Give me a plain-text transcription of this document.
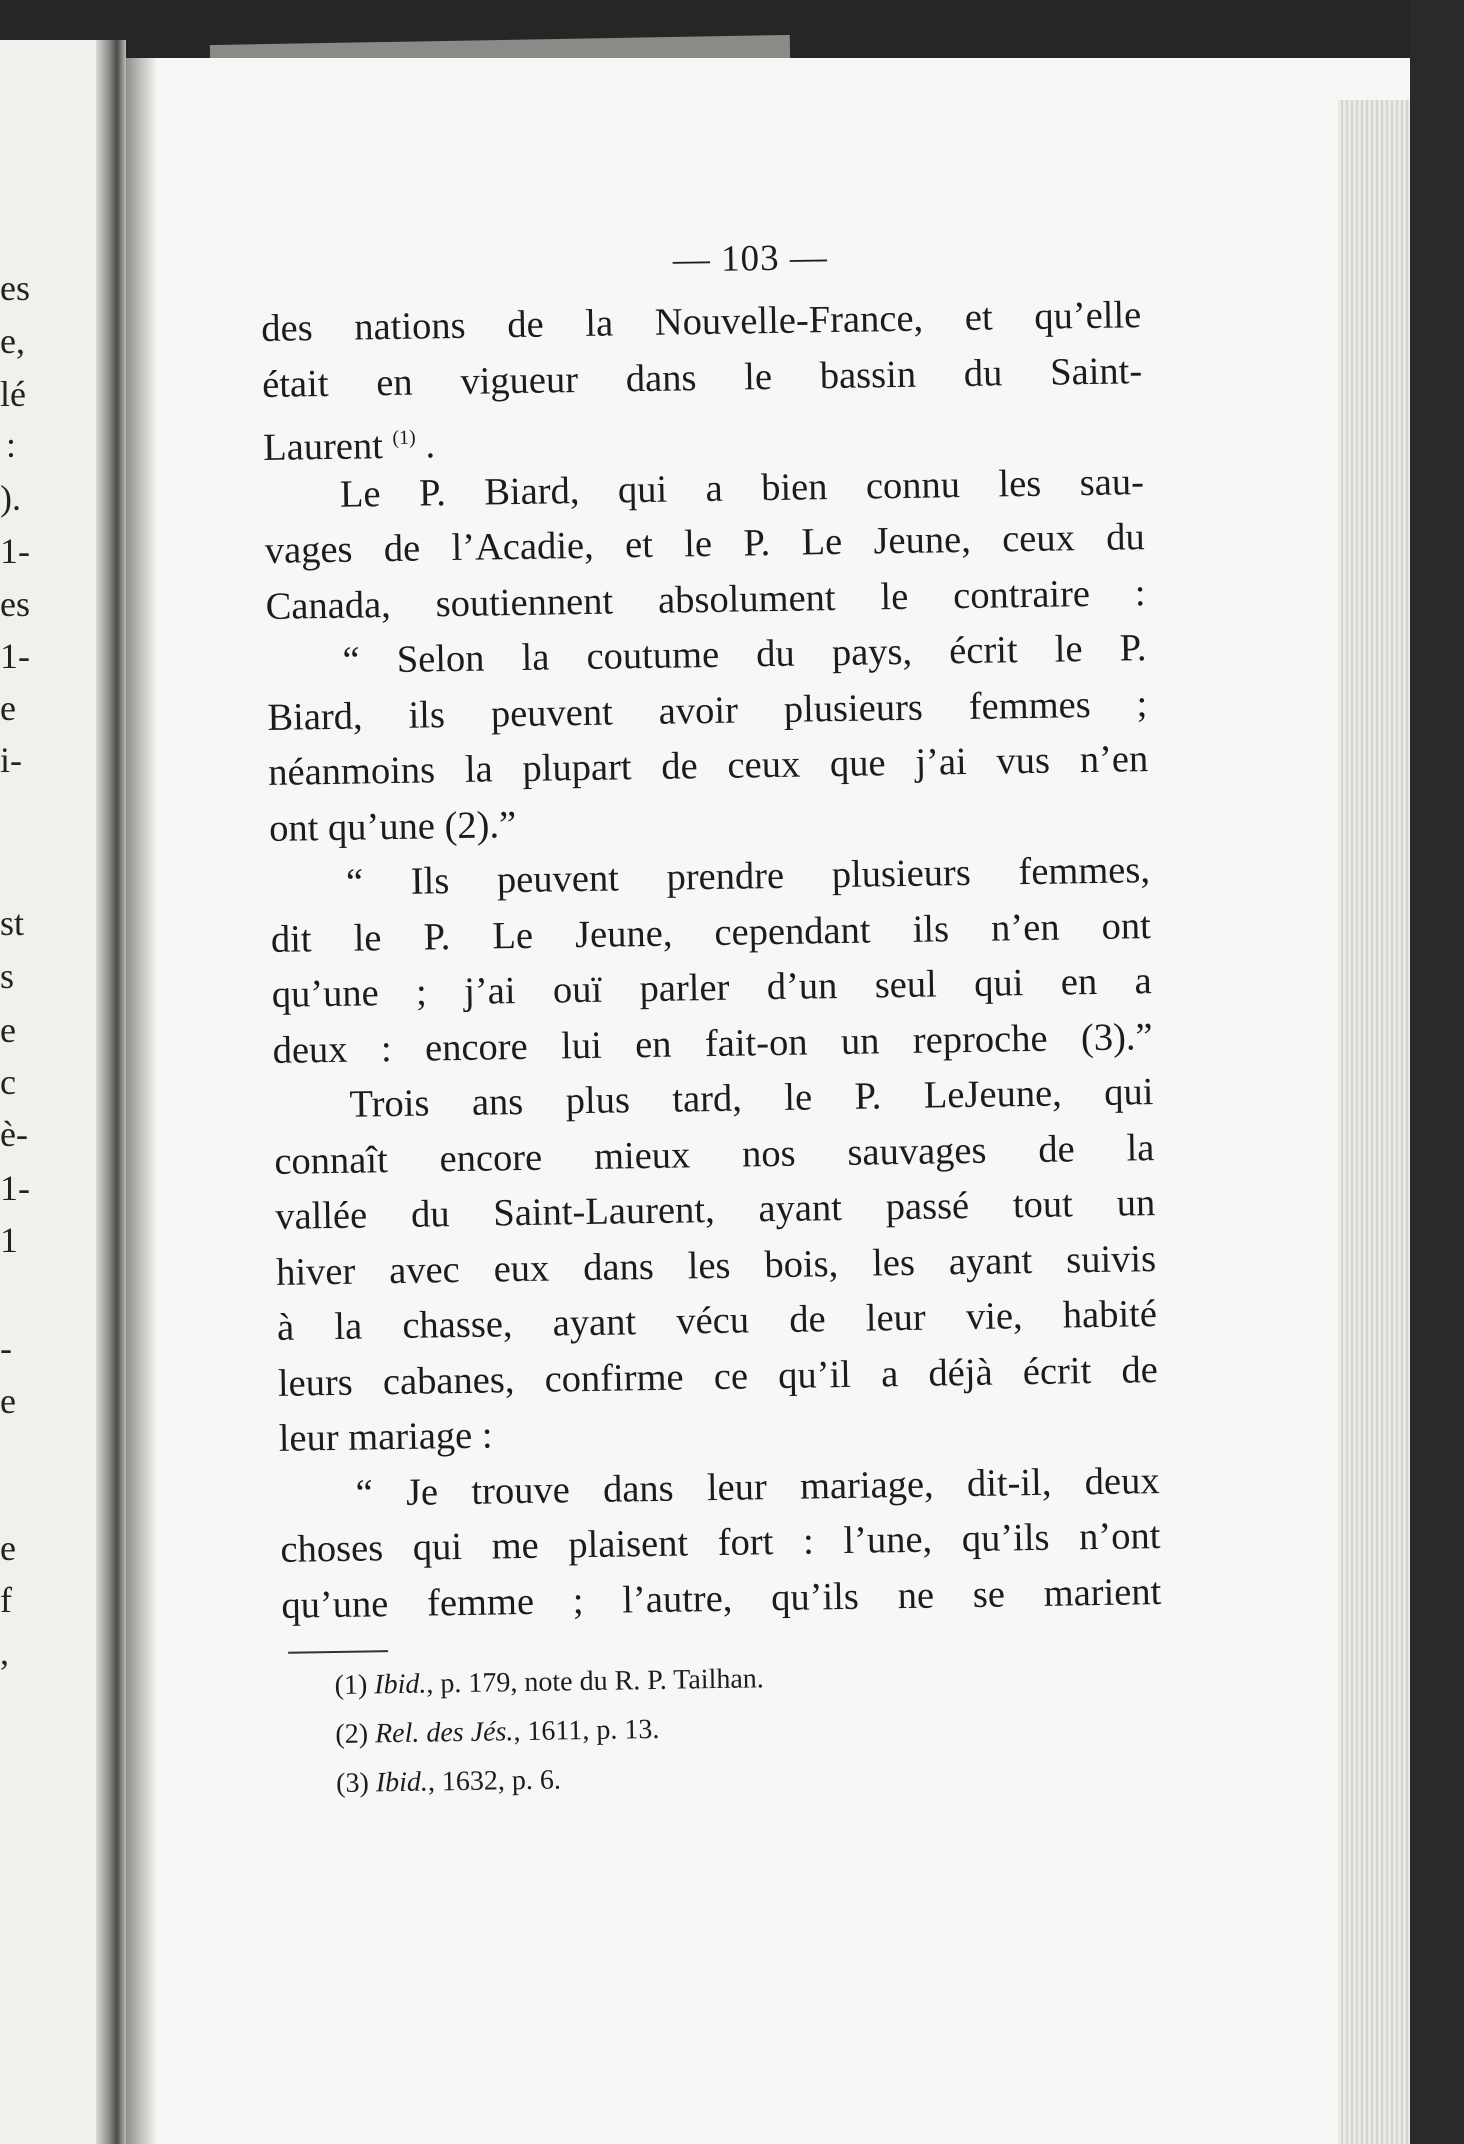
es
e,
lé
:
).
1-
es
1-
e
i-
st
s
e
c
è-
1-
1
-
e
e
f
,
— 103 —
des nations de la Nouvelle-France, et qu’elle
était en vigueur dans le bassin du Saint-
Laurent $^{(1)}$ .
Le P. Biard, qui a bien connu les sau-
vages de l’Acadie, et le P. Le Jeune, ceux du
Canada, soutiennent absolument le contraire :
“ Selon la coutume du pays, écrit le P.
Biard, ils peuvent avoir plusieurs femmes ;
néanmoins la plupart de ceux que j’ai vus n’en
ont qu’une (2).”
“ Ils peuvent prendre plusieurs femmes,
dit le P. Le Jeune, cependant ils n’en ont
qu’une ; j’ai ouï parler d’un seul qui en a
deux : encore lui en fait-on un reproche (3).”
Trois ans plus tard, le P. LeJeune, qui
connaît encore mieux nos sauvages de la
vallée du Saint-Laurent, ayant passé tout un
hiver avec eux dans les bois, les ayant suivis
à la chasse, ayant vécu de leur vie, habité
leurs cabanes, confirme ce qu’il a déjà écrit de
leur mariage :
“ Je trouve dans leur mariage, dit-il, deux
choses qui me plaisent fort : l’une, qu’ils n’ont
qu’une femme ; l’autre, qu’ils ne se marient
(1) Ibid., p. 179, note du R. P. Tailhan.
(2) Rel. des Jés., 1611, p. 13.
(3) Ibid., 1632, p. 6.
